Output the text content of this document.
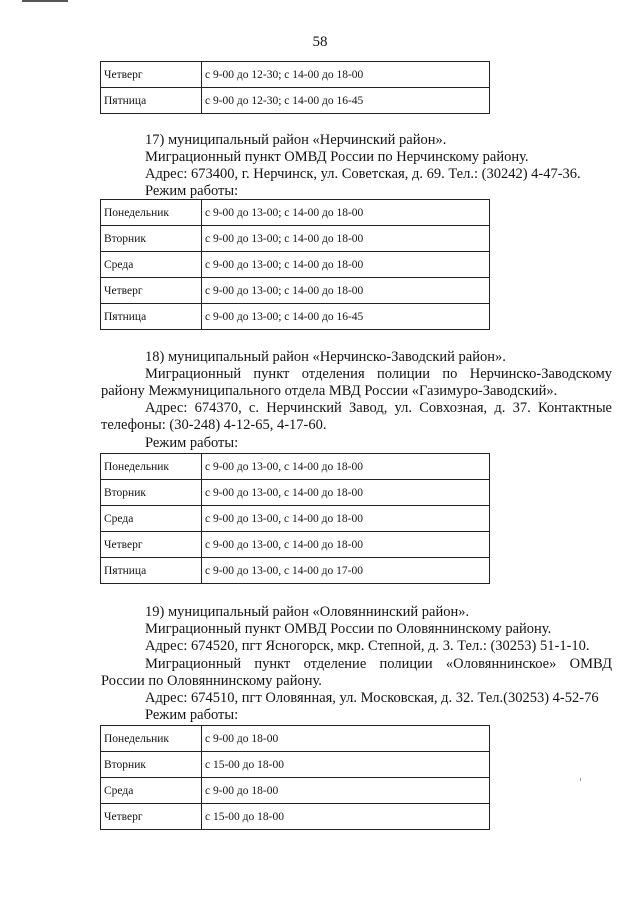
58
Четверг	с 9-00 до 12-30; с 14-00 до 18-00
Пятница	с 9-00 до 12-30; с 14-00 до 16-45
17) муниципальный район «Нерчинский район».
Миграционный пункт ОМВД России по Нерчинскому району.
Адрес: 673400, г. Нерчинск, ул. Советская, д. 69. Тел.: (30242) 4-47-36.
Режим работы:
Понедельник	с 9-00 до 13-00; с 14-00 до 18-00
Вторник	с 9-00 до 13-00; с 14-00 до 18-00
Среда	с 9-00 до 13-00; с 14-00 до 18-00
Четверг	с 9-00 до 13-00; с 14-00 до 18-00
Пятница	с 9-00 до 13-00; с 14-00 до 16-45
18) муниципальный район «Нерчинско-Заводский район».
Миграционный пункт отделения полиции по Нерчинско-Заводскому
району Межмуниципального отдела МВД России «Газимуро-Заводский».
Адрес: 674370, с. Нерчинский Завод, ул. Совхозная, д. 37. Контактные
телефоны: (30-248) 4-12-65, 4-17-60.
Режим работы:
Понедельник	с 9-00 до 13-00, с 14-00 до 18-00
Вторник	с 9-00 до 13-00, с 14-00 до 18-00
Среда	с 9-00 до 13-00, с 14-00 до 18-00
Четверг	с 9-00 до 13-00, с 14-00 до 18-00
Пятница	с 9-00 до 13-00, с 14-00 до 17-00
19) муниципальный район «Оловяннинский район».
Миграционный пункт ОМВД России по Оловяннинскому району.
Адрес: 674520, пгт Ясногорск, мкр. Степной, д. 3. Тел.: (30253) 51-1-10.
Миграционный пункт отделение полиции «Оловяннинское» ОМВД
России по Оловяннинскому району.
Адрес: 674510, пгт Оловянная, ул. Московская, д. 32. Тел.(30253) 4-52-76
Режим работы:
Понедельник	с 9-00 до 18-00
Вторник	с 15-00 до 18-00
Среда	с 9-00 до 18-00
Четверг	с 15-00 до 18-00
